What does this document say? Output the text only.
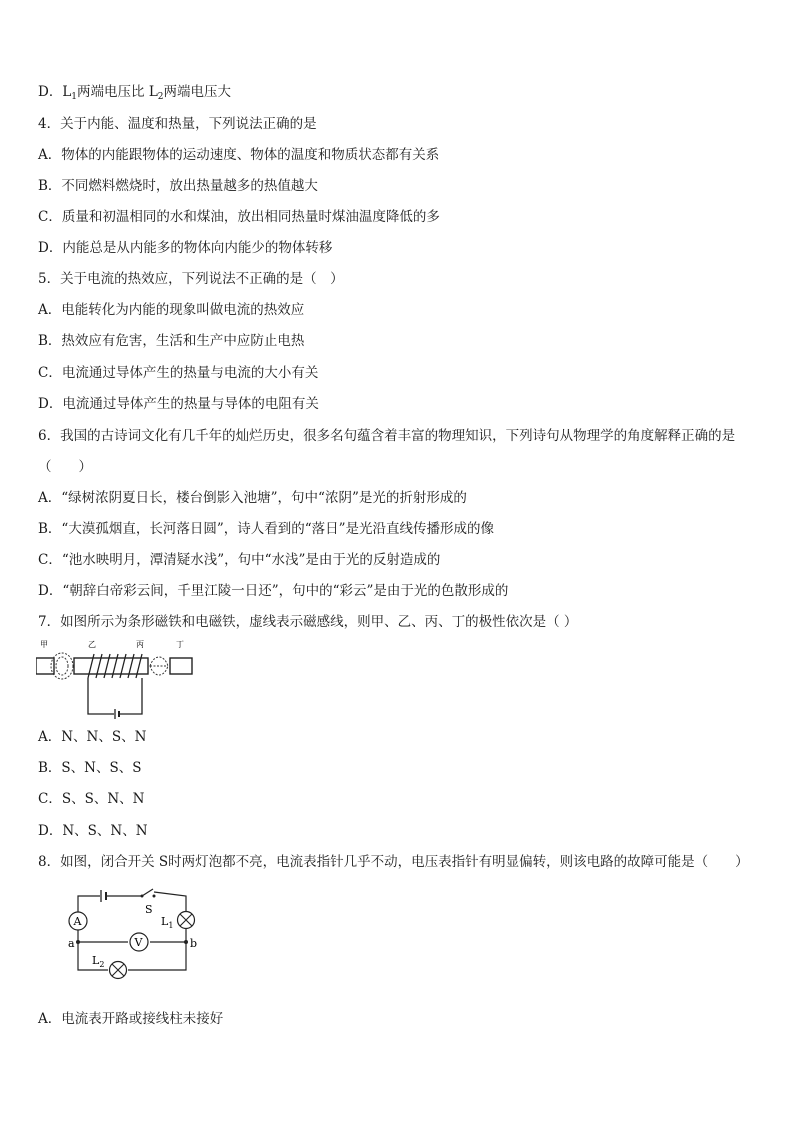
D．$L_1$两端电压比 $L_2$两端电压大
4．关于内能、温度和热量，下列说法正确的是
A．物体的内能跟物体的运动速度、物体的温度和物质状态都有关系
B．不同燃料燃烧时，放出热量越多的热值越大
C．质量和初温相同的水和煤油，放出相同热量时煤油温度降低的多
D．内能总是从内能多的物体向内能少的物体转移
5．关于电流的热效应，下列说法不正确的是（　）
A．电能转化为内能的现象叫做电流的热效应
B．热效应有危害，生活和生产中应防止电热
C．电流通过导体产生的热量与电流的大小有关
D．电流通过导体产生的热量与导体的电阻有关
6．我国的古诗词文化有几千年的灿烂历史，很多名句蕴含着丰富的物理知识，下列诗句从物理学的角度解释正确的是
（　　）
A．“绿树浓阴夏日长，楼台倒影入池塘”，句中“浓阴”是光的折射形成的
B．“大漠孤烟直，长河落日圆”，诗人看到的“落日”是光沿直线传播形成的像
C．“池水映明月，潭清疑水浅”，句中“水浅”是由于光的反射造成的
D．“朝辞白帝彩云间，千里江陵一日还”，句中的“彩云”是由于光的色散形成的
7．如图所示为条形磁铁和电磁铁，虚线表示磁感线，则甲、乙、丙、丁的极性依次是（ ）
甲	乙	丙	丁
A．N、N、S、N
B．S、N、S、S
C．S、S、N、N
D．N、S、N、N
8．如图，闭合开关 S时两灯泡都不亮，电流表指针几乎不动，电压表指针有明显偏转，则该电路的故障可能是（　　）
S
A	$L_1$
V
a	b
$L_2$
A．电流表开路或接线柱未接好
